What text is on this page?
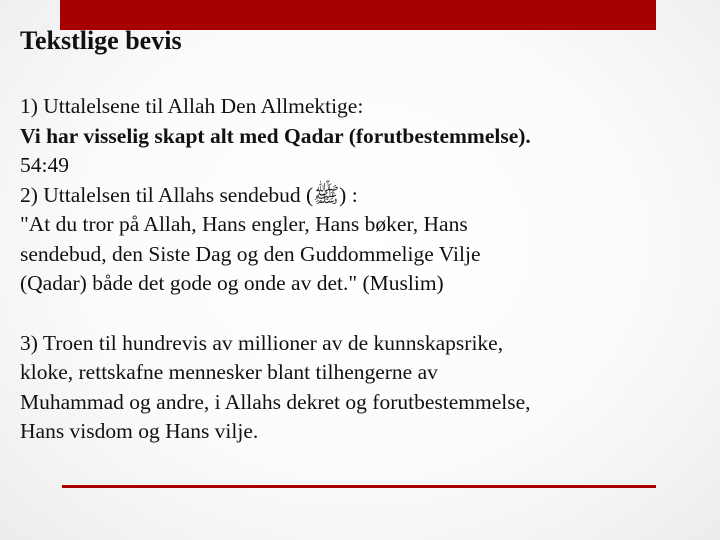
Tekstlige bevis
1) Uttalelsene til Allah Den Allmektige:
Vi har visselig skapt alt med Qadar (forutbestemmelse).
54:49
2) Uttalelsen til Allahs sendebud (ﷺ) :
"At du tror på Allah, Hans engler, Hans bøker, Hans
sendebud, den Siste Dag og den Guddommelige Vilje
(Qadar) både det gode og onde av det." (Muslim)
3) Troen til hundrevis av millioner av de kunnskapsrike,
kloke, rettskafne mennesker blant tilhengerne av
Muhammad og andre, i Allahs dekret og forutbestemmelse,
Hans visdom og Hans vilje.
